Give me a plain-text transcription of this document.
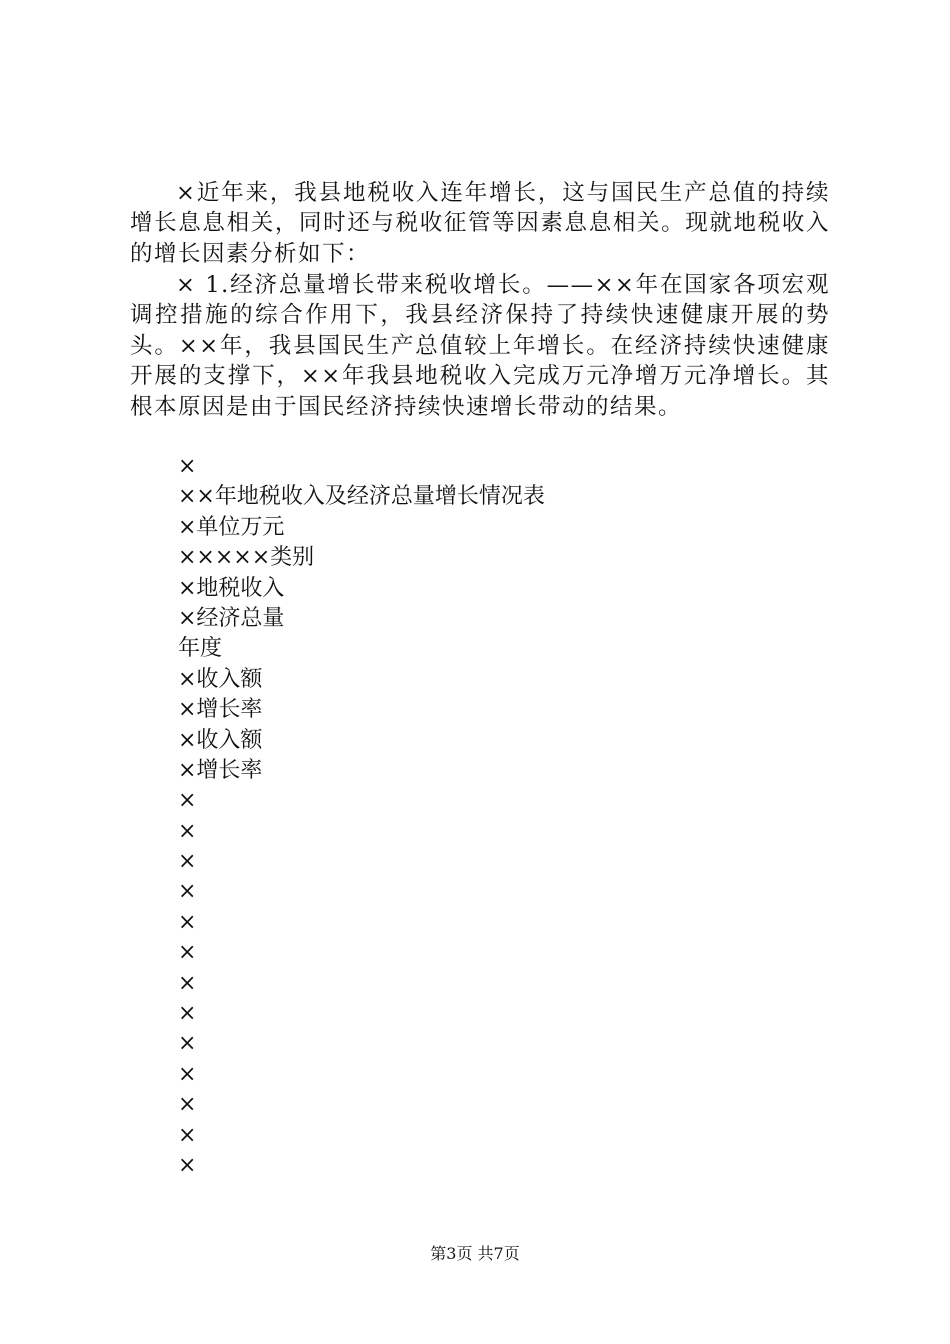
×近年来，我县地税收入连年增长，这与国民生产总值的持续增长息息相关，同时还与税收征管等因素息息相关。现就地税收入的增长因素分析如下：

× 1.经济总量增长带来税收增长。——××年在国家各项宏观调控措施的综合作用下，我县经济保持了持续快速健康开展的势头。××年，我县国民生产总值较上年增长。在经济持续快速健康开展的支撑下，××年我县地税收入完成万元净增万元净增长。其根本原因是由于国民经济持续快速增长带动的结果。

×
××年地税收入及经济总量增长情况表
×单位万元
×××××类别
×地税收入
×经济总量
年度
×收入额
×增长率
×收入额
×增长率
×
×
×
×
×
×
×
×
×
×
×
×
×
第3页 共7页
